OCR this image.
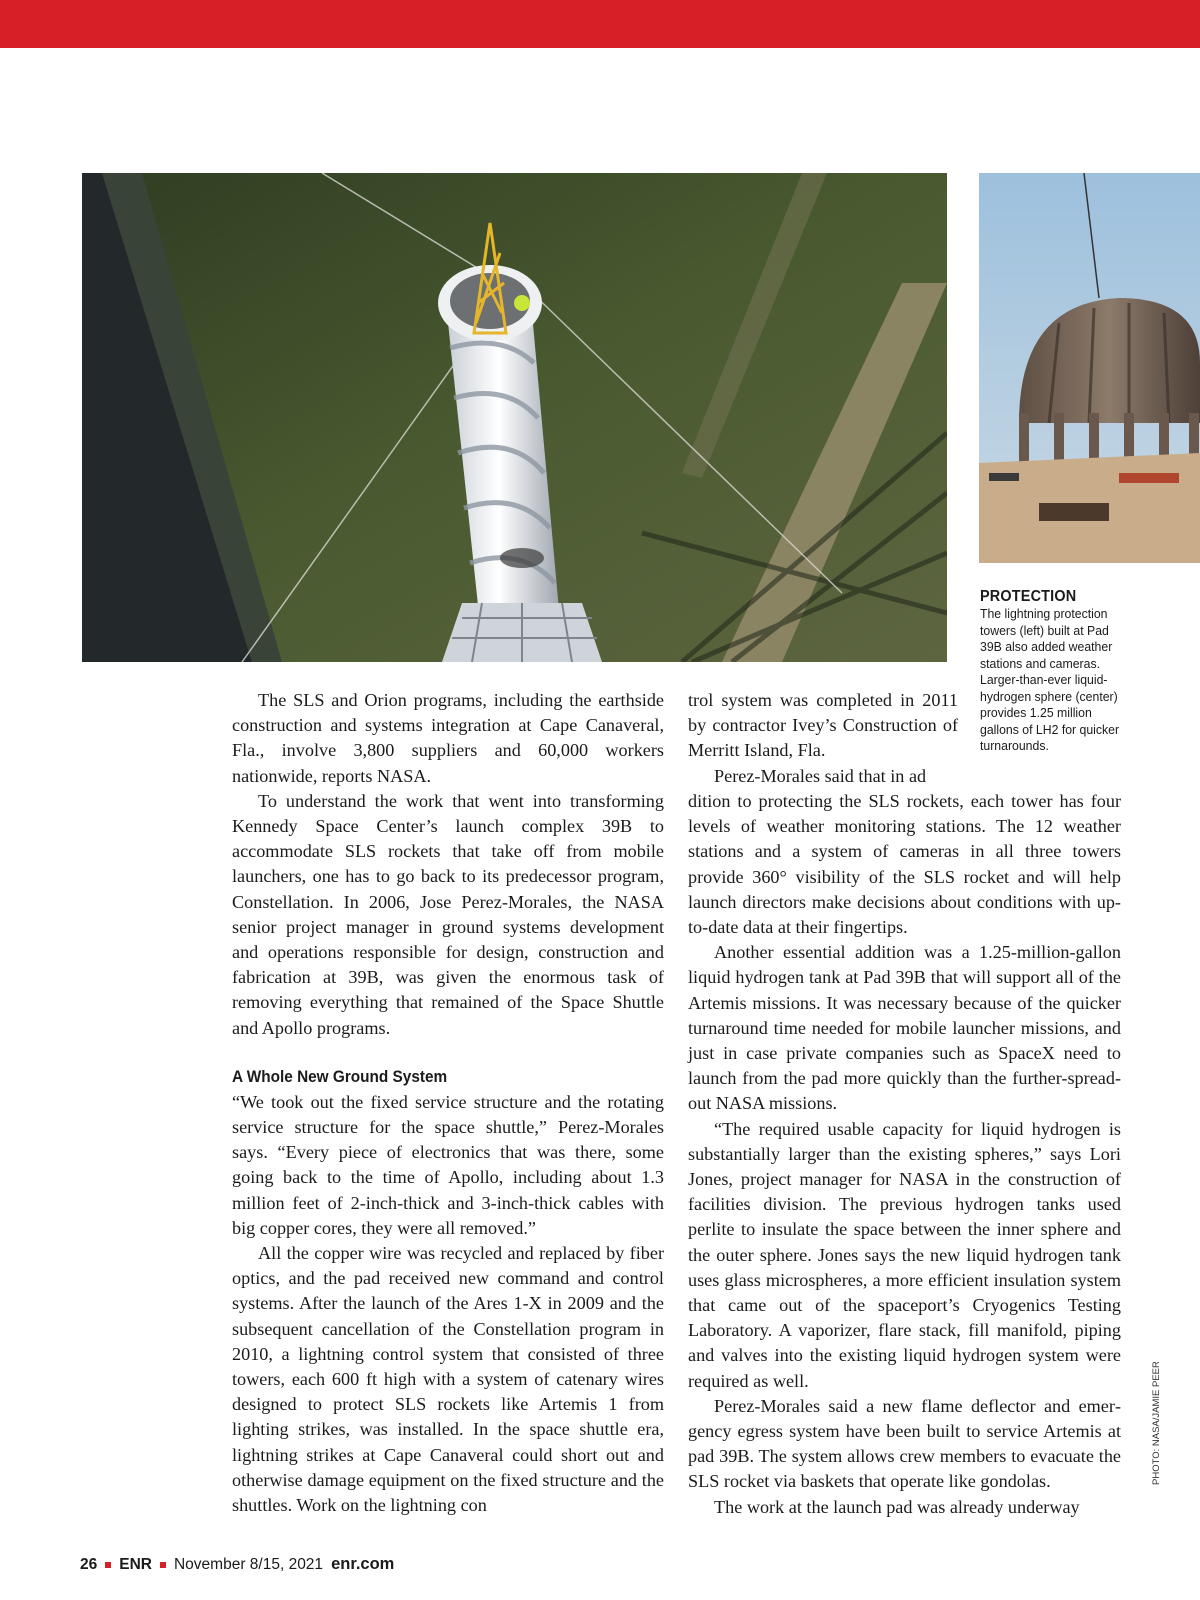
PROTECTION
The lightning protection towers (left) built at Pad 39B also added weather stations and cameras. Larger-than-ever liquid-hydrogen sphere (center) provides 1.25 million gallons of LH2 for quicker turnarounds.

The SLS and Orion programs, including the earthside construction and systems integration at Cape Canaveral, Fla., involve 3,800 suppliers and 60,000 workers nationwide, reports NASA.

To understand the work that went into transforming Kennedy Space Center’s launch complex 39B to accommodate SLS rockets that take off from mobile launchers, one has to go back to its predecessor program, Constellation. In 2006, Jose Perez-Morales, the NASA senior project manager in ground systems development and operations responsible for design, construction and fabrication at 39B, was given the enormous task of removing everything that remained of the Space Shuttle and Apollo programs.

A Whole New Ground System

“We took out the fixed service structure and the rotating service structure for the space shuttle,” Perez-Morales says. “Every piece of electronics that was there, some going back to the time of Apollo, including about 1.3 million feet of 2-inch-thick and 3-inch-thick cables with big copper cores, they were all removed.”

All the copper wire was recycled and replaced by fiber optics, and the pad received new command and control systems. After the launch of the Ares 1-X in 2009 and the subsequent cancellation of the Constellation program in 2010, a lightning control system that consisted of three towers, each 600 ft high with a system of catenary wires designed to protect SLS rockets like Artemis 1 from lighting strikes, was installed. In the space shuttle era, lightning strikes at Cape Canaveral could short out and otherwise damage equipment on the fixed structure and the shuttles. Work on the lightning con

trol system was completed in 2011 by contractor Ivey’s Construction of Merritt Island, Fla.

Perez-Morales said that in ad

dition to protecting the SLS rockets, each tower has four levels of weather monitoring stations. The 12 weather stations and a system of cameras in all three towers provide 360° visibility of the SLS rocket and will help launch directors make decisions about conditions with up-to-date data at their fingertips.

Another essential addition was a 1.25-million-gallon liquid hydrogen tank at Pad 39B that will support all of the Artemis missions. It was necessary because of the quicker turnaround time needed for mobile launcher missions, and just in case private companies such as SpaceX need to launch from the pad more quickly than the further-spread-out NASA missions.

“The required usable capacity for liquid hydrogen is substantially larger than the existing spheres,” says Lori Jones, project manager for NASA in the construction of facilities division. The previous hydrogen tanks used perlite to insulate the space between the inner sphere and the outer sphere. Jones says the new liquid hydrogen tank uses glass microspheres, a more efficient insulation system that came out of the spaceport’s Cryogenics Testing Laboratory. A vaporizer, flare stack, fill manifold, piping and valves into the existing liquid hydrogen system were required as well.

Perez-Morales said a new flame deflector and emergency egress system have been built to service Artemis at pad 39B. The system allows crew members to evacuate the SLS rocket via baskets that operate like gondolas.

The work at the launch pad was already underway

PHOTO: NASA/JAMIE PEER
26 ENR November 8/15, 2021 enr.com
